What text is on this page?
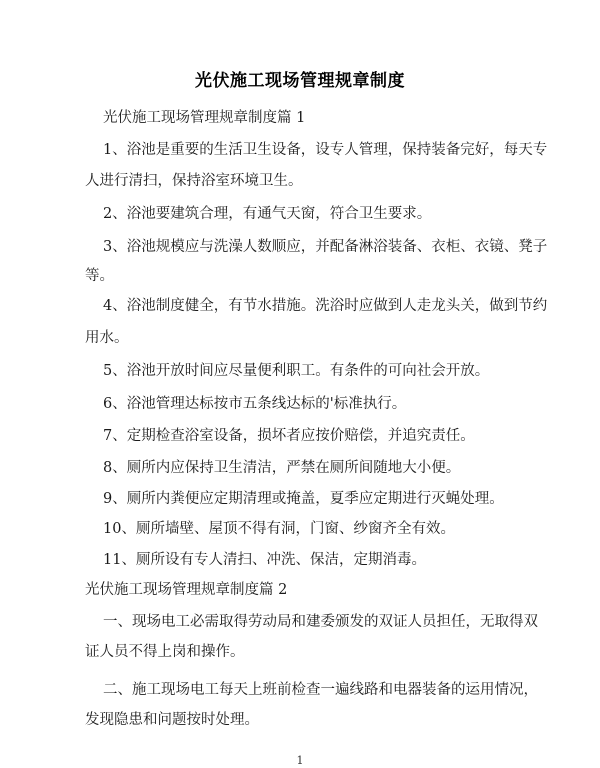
光伏施工现场管理规章制度
光伏施工现场管理规章制度篇 1
1、浴池是重要的生活卫生设备，设专人管理，保持装备完好，每天专
人进行清扫，保持浴室环境卫生。
2、浴池要建筑合理，有通气天窗，符合卫生要求。
3、浴池规模应与洗澡人数顺应，并配备淋浴装备、衣柜、衣镜、凳子
等。
4、浴池制度健全，有节水措施。洗浴时应做到人走龙头关，做到节约
用水。
5、浴池开放时间应尽量便利职工。有条件的可向社会开放。
6、浴池管理达标按市五条线达标的'标准执行。
7、定期检查浴室设备，损坏者应按价赔偿，并追究责任。
8、厕所内应保持卫生清洁，严禁在厕所间随地大小便。
9、厕所内粪便应定期清理或掩盖，夏季应定期进行灭蝇处理。
10、厕所墙壁、屋顶不得有洞，门窗、纱窗齐全有效。
11、厕所设有专人清扫、冲洗、保洁，定期消毒。
光伏施工现场管理规章制度篇 2
一、现场电工必需取得劳动局和建委颁发的双证人员担任，无取得双
证人员不得上岗和操作。
二、施工现场电工每天上班前检查一遍线路和电器装备的运用情况，
发现隐患和问题按时处理。
1
